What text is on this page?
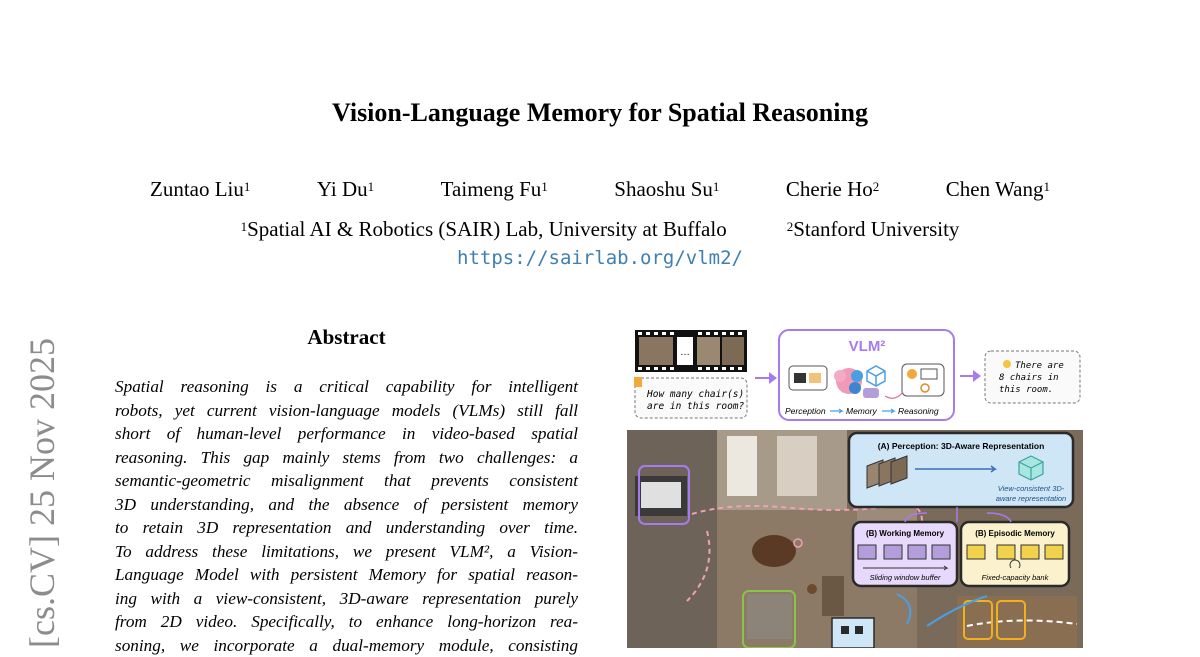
Vision-Language Memory for Spatial Reasoning
Zuntao Liu$^1$	Yi Du$^1$	Taimeng Fu$^1$	Shaoshu Su$^1$	Cherie Ho$^2$	Chen Wang$^1$
$^1$Spatial AI & Robotics (SAIR) Lab, University at Buffalo	$^2$Stanford University
https://sairlab.org/vlm2/
[cs.CV] 25 Nov 2025
Abstract
Spatial reasoning is a critical capability for intelligent
robots, yet current vision-language models (VLMs) still fall
short of human-level performance in video-based spatial
reasoning. This gap mainly stems from two challenges: a
semantic-geometric misalignment that prevents consistent
3D understanding, and the absence of persistent memory
to retain 3D representation and understanding over time.
To address these limitations, we present VLM², a Vision-
Language Model with persistent Memory for spatial reason-
ing with a view-consistent, 3D-aware representation purely
from 2D video. Specifically, to enhance long-horizon rea-
soning, we incorporate a dual-memory module, consisting
…
How many chair(s)
are in this room?
VLM²
Perception Memory	Reasoning
There are
8 chairs in
this room.
(A) Perception: 3D-Aware Representation
View-consistent 3D-
aware representation
(B) Working Memory
Sliding window buffer
(B) Episodic Memory
Fixed-capacity bank
